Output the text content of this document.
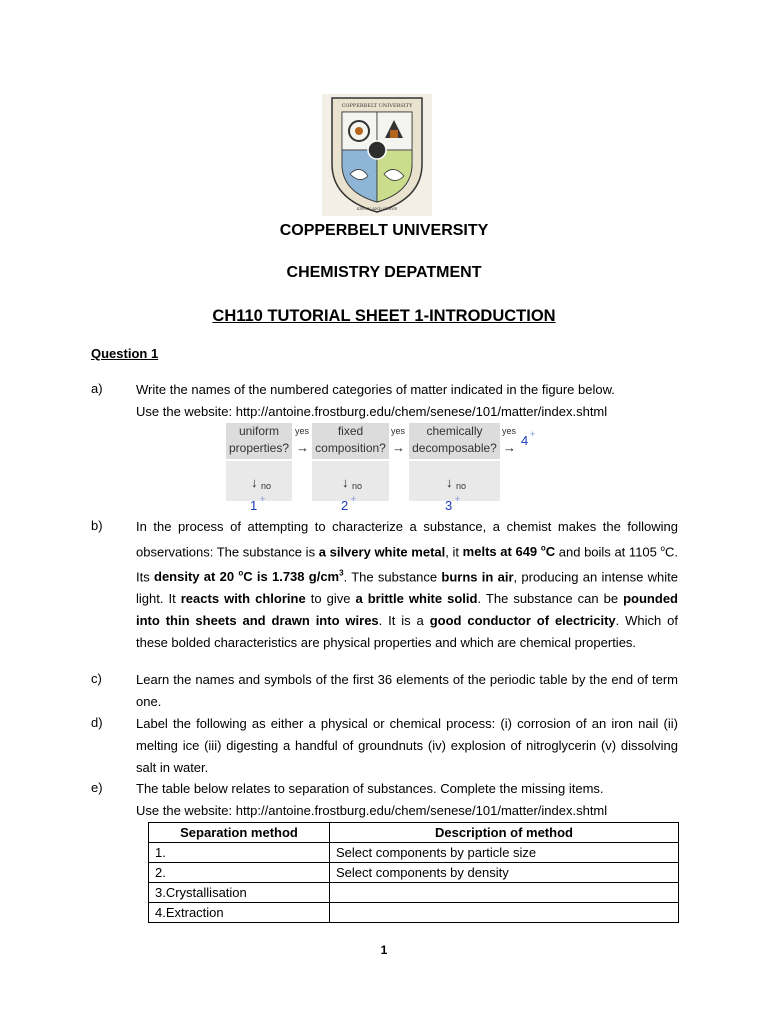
COPPERBELT UNIVERSITY
KNOW AND SERVE
COPPERBELT UNIVERSITY
CHEMISTRY DEPATMENT
CH110 TUTORIAL SHEET 1-INTRODUCTION
Question 1
a)	Write the names of the numbered categories of matter indicated in the figure below.
Use the website: http://antoine.frostburg.edu/chem/senese/101/matter/index.shtml
uniform
properties?
yes
→
fixed
composition?
yes
→
chemically
decomposable?
yes
→ 4 +
↓ no
1 +
↓ no
2 +
↓ no
3 +
b)	In the process of attempting to characterize a substance, a chemist makes the following observations: The substance is a silvery white metal, it melts at 649 $^o$C and boils at 1105 $^o$C. Its density at 20 $^o$C is 1.738 $g/cm^3$. The substance burns in air, producing an intense white light. It reacts with chlorine to give a brittle white solid. The substance can be pounded into thin sheets and drawn into wires. It is a good conductor of electricity. Which of these bolded characteristics are physical properties and which are chemical properties.
c)	Learn the names and symbols of the first 36 elements of the periodic table by the end of term one.
d)	Label the following as either a physical or chemical process: (i) corrosion of an iron nail (ii) melting ice (iii) digesting a handful of groundnuts (iv) explosion of nitroglycerin (v) dissolving salt in water.
e)	The table below relates to separation of substances. Complete the missing items.
Use the website: http://antoine.frostburg.edu/chem/senese/101/matter/index.shtml
Separation method	Description of method
1.	Select components by particle size
2.	Select components by density
3.Crystallisation	
4.Extraction	
1
